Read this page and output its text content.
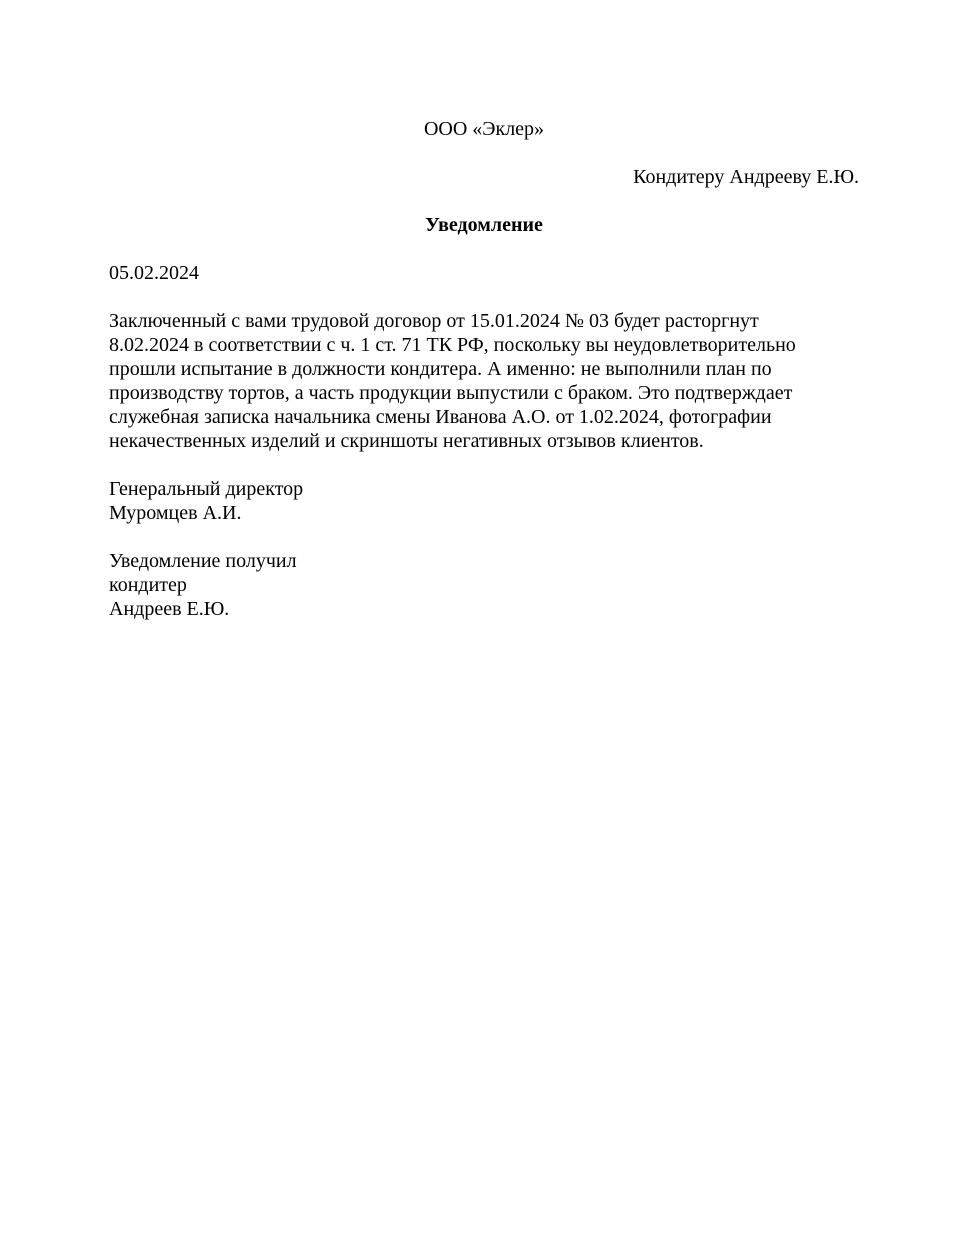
ООО «Эклер»
Кондитеру Андрееву Е.Ю.
Уведомление
05.02.2024
Заключенный с вами трудовой договор от 15.01.2024 № 03 будет расторгнут
8.02.2024 в соответствии с ч. 1 ст. 71 ТК РФ, поскольку вы неудовлетворительно
прошли испытание в должности кондитера. А именно: не выполнили план по
производству тортов, а часть продукции выпустили с браком. Это подтверждает
служебная записка начальника смены Иванова А.О. от 1.02.2024, фотографии
некачественных изделий и скриншоты негативных отзывов клиентов.
Генеральный директор
Муромцев А.И.
Уведомление получил
кондитер
Андреев Е.Ю.
